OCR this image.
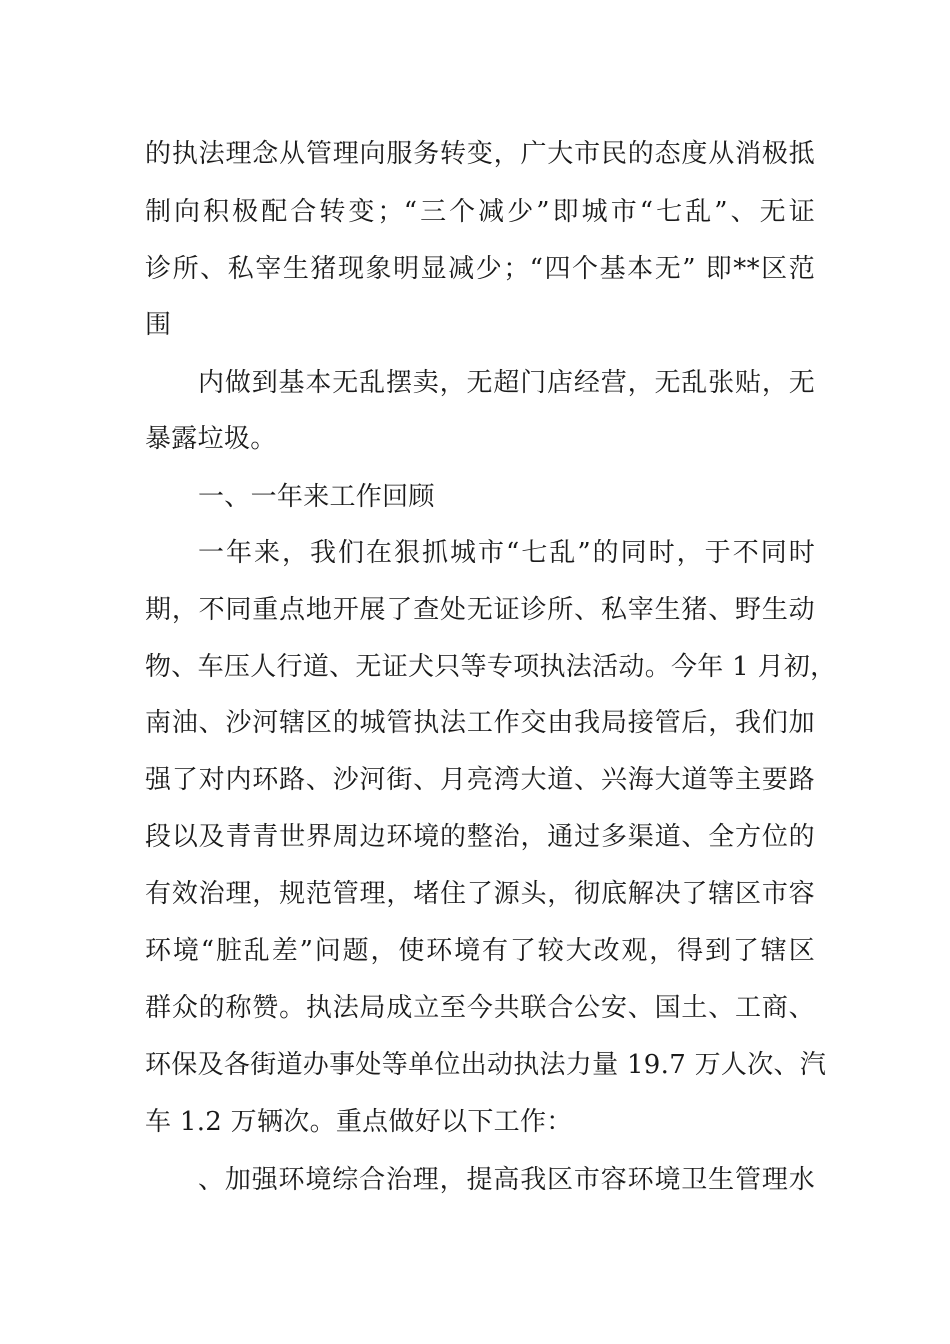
的执法理念从管理向服务转变，广大市民的态度从消极抵
制向积极配合转变；“三个减少”即城市“七乱”、无证
诊所、私宰生猪现象明显减少；“四个基本无” 即**区范
围
内做到基本无乱摆卖，无超门店经营，无乱张贴，无
暴露垃圾。
一、一年来工作回顾
一年来，我们在狠抓城市“七乱”的同时，于不同时
期，不同重点地开展了查处无证诊所、私宰生猪、野生动
物、车压人行道、无证犬只等专项执法活动。今年 1 月初，
南油、沙河辖区的城管执法工作交由我局接管后，我们加
强了对内环路、沙河街、月亮湾大道、兴海大道等主要路
段以及青青世界周边环境的整治，通过多渠道、全方位的
有效治理，规范管理，堵住了源头，彻底解决了辖区市容
环境“脏乱差”问题，使环境有了较大改观，得到了辖区
群众的称赞。执法局成立至今共联合公安、国土、工商、
环保及各街道办事处等单位出动执法力量 19.7 万人次、汽
车 1.2 万辆次。重点做好以下工作：
、加强环境综合治理，提高我区市容环境卫生管理水
